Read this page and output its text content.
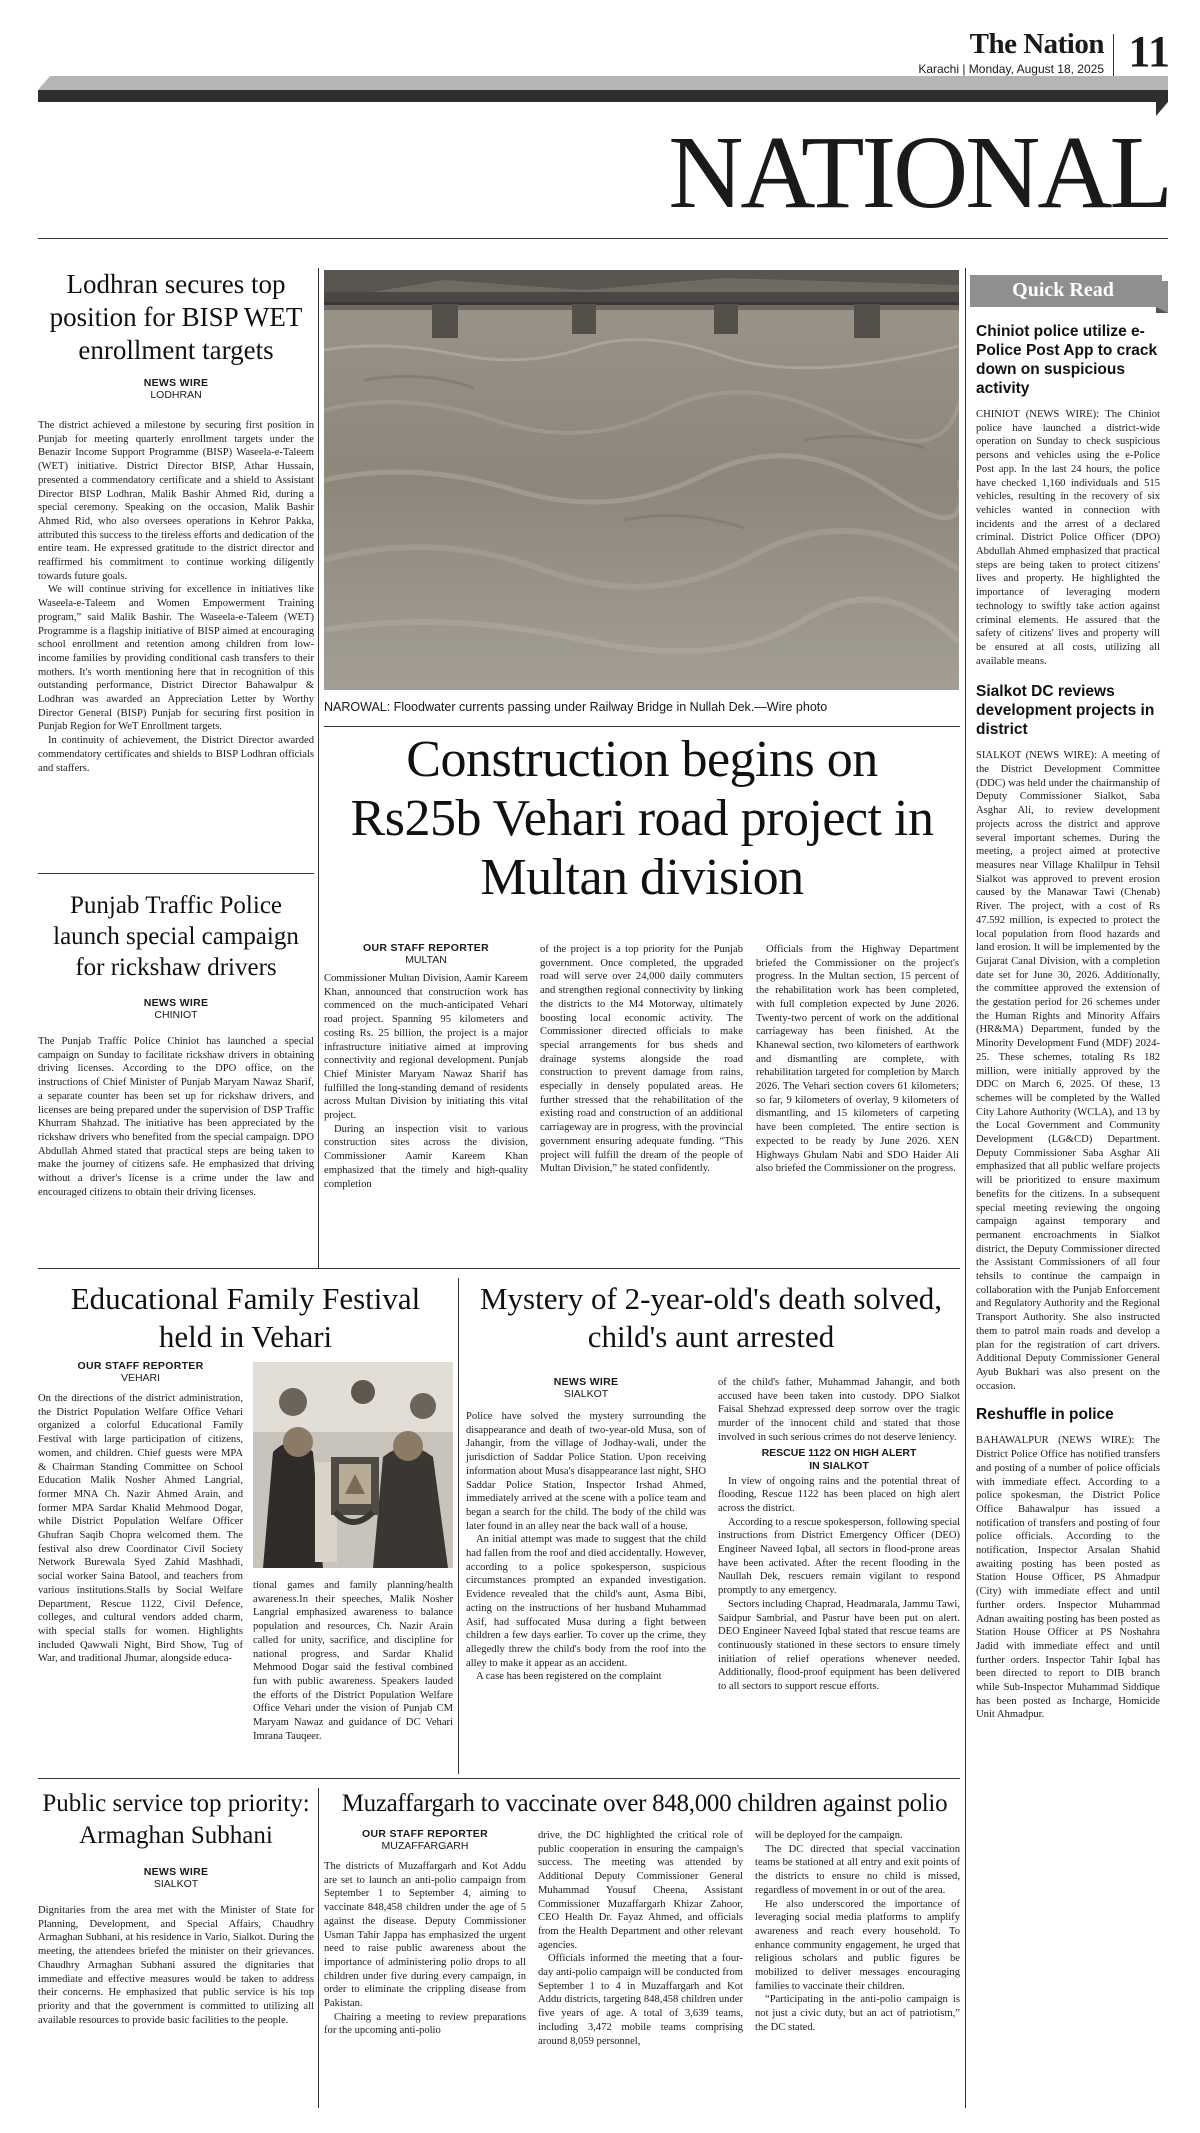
The Nation
Karachi | Monday, August 18, 2025 11
NATIONAL
Lodhran secures top position for BISP WET enrollment targets
NEWS WIRE
LODHRAN

The district achieved a milestone by securing first position in Punjab for meeting quarterly enrollment targets under the Benazir Income Support Programme (BISP) Waseela-e-Taleem (WET) initiative. District Director BISP, Athar Hussain, presented a commendatory certificate and a shield to Assistant Director BISP Lodhran, Malik Bashir Ahmed Rid, during a special ceremony. Speaking on the occasion, Malik Bashir Ahmed Rid, who also oversees operations in Kehror Pakka, attributed this success to the tireless efforts and dedication of the entire team. He expressed gratitude to the district director and reaffirmed his commitment to continue working diligently towards future goals.

We will continue striving for excellence in initiatives like Waseela-e-Taleem and Women Empowerment Training program,” said Malik Bashir. The Waseela-e-Taleem (WET) Programme is a flagship initiative of BISP aimed at encouraging school enrollment and retention among children from low-income families by providing conditional cash transfers to their mothers. It's worth mentioning here that in recognition of this outstanding performance, District Director Bahawalpur & Lodhran was awarded an Appreciation Letter by Worthy Director General (BISP) Punjab for securing first position in Punjab Region for WeT Enrollment targets.

In continuity of achievement, the District Director awarded commendatory certificates and shields to BISP Lodhran officials and staffers.

Punjab Traffic Police launch special campaign for rickshaw drivers
NEWS WIRE
CHINIOT

The Punjab Traffic Police Chiniot has launched a special campaign on Sunday to facilitate rickshaw drivers in obtaining driving licenses. According to the DPO office, on the instructions of Chief Minister of Punjab Maryam Nawaz Sharif, a separate counter has been set up for rickshaw drivers, and licenses are being prepared under the supervision of DSP Traffic Khurram Shahzad. The initiative has been appreciated by the rickshaw drivers who benefited from the special campaign. DPO Abdullah Ahmed stated that practical steps are being taken to make the journey of citizens safe. He emphasized that driving without a driver's license is a crime under the law and encouraged citizens to obtain their driving licenses.

NAROWAL: Floodwater currents passing under Railway Bridge in Nullah Dek.—Wire photo
Construction begins on Rs25b Vehari road project in Multan division
OUR STAFF REPORTER
MULTAN

Commissioner Multan Division, Aamir Kareem Khan, announced that construction work has commenced on the much-anticipated Vehari road project. Spanning 95 kilometers and costing Rs. 25 billion, the project is a major infrastructure initiative aimed at improving connectivity and regional development. Punjab Chief Minister Maryam Nawaz Sharif has fulfilled the long-standing demand of residents across Multan Division by initiating this vital project.

During an inspection visit to various construction sites across the division, Commissioner Aamir Kareem Khan emphasized that the timely and high-quality completion

of the project is a top priority for the Punjab government. Once completed, the upgraded road will serve over 24,000 daily commuters and strengthen regional connectivity by linking the districts to the M4 Motorway, ultimately boosting local economic activity. The Commissioner directed officials to make special arrangements for bus sheds and drainage systems alongside the road construction to prevent damage from rains, especially in densely populated areas. He further stressed that the rehabilitation of the existing road and construction of an additional carriageway are in progress, with the provincial government ensuring adequate funding. “This project will fulfill the dream of the people of Multan Division,” he stated confidently.

Officials from the Highway Department briefed the Commissioner on the project's progress. In the Multan section, 15 percent of the rehabilitation work has been completed, with full completion expected by June 2026. Twenty-two percent of work on the additional carriageway has been finished. At the Khanewal section, two kilometers of earthwork and dismantling are complete, with rehabilitation targeted for completion by March 2026. The Vehari section covers 61 kilometers; so far, 9 kilometers of overlay, 9 kilometers of dismantling, and 15 kilometers of carpeting have been completed. The entire section is expected to be ready by June 2026. XEN Highways Ghulam Nabi and SDO Haider Ali also briefed the Commissioner on the progress.

Educational Family Festival held in Vehari
OUR STAFF REPORTER
VEHARI

On the directions of the district administration, the District Population Welfare Office Vehari organized a colorful Educational Family Festival with large participation of citizens, women, and children. Chief guests were MPA & Chairman Standing Committee on School Education Malik Nosher Ahmed Langrial, former MNA Ch. Nazir Ahmed Arain, and former MPA Sardar Khalid Mehmood Dogar, while District Population Welfare Officer Ghufran Saqib Chopra welcomed them. The festival also drew Coordinator Civil Society Network Burewala Syed Zahid Mashhadi, social worker Saina Batool, and teachers from various institutions.Stalls by Social Welfare Department, Rescue 1122, Civil Defence, colleges, and cultural vendors added charm, with special stalls for women. Highlights included Qawwali Night, Bird Show, Tug of War, and traditional Jhumar, alongside educa-

tional games and family planning/health awareness.In their speeches, Malik Nosher Langrial emphasized awareness to balance population and resources, Ch. Nazir Arain called for unity, sacrifice, and discipline for national progress, and Sardar Khalid Mehmood Dogar said the festival combined fun with public awareness. Speakers lauded the efforts of the District Population Welfare Office Vehari under the vision of Punjab CM Maryam Nawaz and guidance of DC Vehari Imrana Tauqeer.

Mystery of 2-year-old's death solved, child's aunt arrested
NEWS WIRE
SIALKOT

Police have solved the mystery surrounding the disappearance and death of two-year-old Musa, son of Jahangir, from the village of Jodhay-wali, under the jurisdiction of Saddar Police Station. Upon receiving information about Musa's disappearance last night, SHO Saddar Police Station, Inspector Irshad Ahmed, immediately arrived at the scene with a police team and began a search for the child. The body of the child was later found in an alley near the back wall of a house.

An initial attempt was made to suggest that the child had fallen from the roof and died accidentally. However, according to a police spokesperson, suspicious circumstances prompted an expanded investigation. Evidence revealed that the child's aunt, Asma Bibi, acting on the instructions of her husband Muhammad Asif, had suffocated Musa during a fight between children a few days earlier. To cover up the crime, they allegedly threw the child's body from the roof into the alley to make it appear as an accident.

A case has been registered on the complaint

of the child's father, Muhammad Jahangir, and both accused have been taken into custody. DPO Sialkot Faisal Shehzad expressed deep sorrow over the tragic murder of the innocent child and stated that those involved in such serious crimes do not deserve leniency.

RESCUE 1122 ON HIGH ALERT IN SIALKOT

In view of ongoing rains and the potential threat of flooding, Rescue 1122 has been placed on high alert across the district.

According to a rescue spokesperson, following special instructions from District Emergency Officer (DEO) Engineer Naveed Iqbal, all sectors in flood-prone areas have been activated. After the recent flooding in the Naullah Dek, rescuers remain vigilant to respond promptly to any emergency.

Sectors including Chaprad, Headmarala, Jammu Tawi, Saidpur Sambrial, and Pasrur have been put on alert. DEO Engineer Naveed Iqbal stated that rescue teams are continuously stationed in these sectors to ensure timely initiation of relief operations whenever needed. Additionally, flood-proof equipment has been delivered to all sectors to support rescue efforts.

Public service top priority: Armaghan Subhani
NEWS WIRE
SIALKOT

Dignitaries from the area met with the Minister of State for Planning, Development, and Special Affairs, Chaudhry Armaghan Subhani, at his residence in Vario, Sialkot. During the meeting, the attendees briefed the minister on their grievances. Chaudhry Armaghan Subhani assured the dignitaries that immediate and effective measures would be taken to address their concerns. He emphasized that public service is his top priority and that the government is committed to utilizing all available resources to provide basic facilities to the people.

Muzaffargarh to vaccinate over 848,000 children against polio
OUR STAFF REPORTER
MUZAFFARGARH

The districts of Muzaffargarh and Kot Addu are set to launch an anti-polio campaign from September 1 to September 4, aiming to vaccinate 848,458 children under the age of 5 against the disease. Deputy Commissioner Usman Tahir Jappa has emphasized the urgent need to raise public awareness about the importance of administering polio drops to all children under five during every campaign, in order to eliminate the crippling disease from Pakistan.

Chairing a meeting to review preparations for the upcoming anti-polio

drive, the DC highlighted the critical role of public cooperation in ensuring the campaign's success. The meeting was attended by Additional Deputy Commissioner General Muhammad Yousuf Cheena, Assistant Commissioner Muzaffargarh Khizar Zahoor, CEO Health Dr. Fayaz Ahmed, and officials from the Health Department and other relevant agencies.

Officials informed the meeting that a four-day anti-polio campaign will be conducted from September 1 to 4 in Muzaffargarh and Kot Addu districts, targeting 848,458 children under five years of age. A total of 3,639 teams, including 3,472 mobile teams comprising around 8,059 personnel,

will be deployed for the campaign.

The DC directed that special vaccination teams be stationed at all entry and exit points of the districts to ensure no child is missed, regardless of movement in or out of the area.

He also underscored the importance of leveraging social media platforms to amplify awareness and reach every household. To enhance community engagement, he urged that religious scholars and public figures be mobilized to deliver messages encouraging families to vaccinate their children.

“Participating in the anti-polio campaign is not just a civic duty, but an act of patriotism,” the DC stated.

Quick Read
Chiniot police utilize e-Police Post App to crack down on suspicious activity

CHINIOT (NEWS WIRE): The Chiniot police have launched a district-wide operation on Sunday to check suspicious persons and vehicles using the e-Police Post app. In the last 24 hours, the police have checked 1,160 individuals and 515 vehicles, resulting in the recovery of six vehicles wanted in connection with incidents and the arrest of a declared criminal. District Police Officer (DPO) Abdullah Ahmed emphasized that practical steps are being taken to protect citizens' lives and property. He highlighted the importance of leveraging modern technology to swiftly take action against criminal elements. He assured that the safety of citizens' lives and property will be ensured at all costs, utilizing all available means.

Sialkot DC reviews development projects in district

SIALKOT (NEWS WIRE): A meeting of the District Development Committee (DDC) was held under the chairmanship of Deputy Commissioner Sialkot, Saba Asghar Ali, to review development projects across the district and approve several important schemes. During the meeting, a project aimed at protective measures near Village Khalilpur in Tehsil Sialkot was approved to prevent erosion caused by the Manawar Tawi (Chenab) River. The project, with a cost of Rs 47.592 million, is expected to protect the local population from flood hazards and land erosion. It will be implemented by the Gujarat Canal Division, with a completion date set for June 30, 2026. Additionally, the committee approved the extension of the gestation period for 26 schemes under the Human Rights and Minority Affairs (HR&MA) Department, funded by the Minority Development Fund (MDF) 2024-25. These schemes, totaling Rs 182 million, were initially approved by the DDC on March 6, 2025. Of these, 13 schemes will be completed by the Walled City Lahore Authority (WCLA), and 13 by the Local Government and Community Development (LG&CD) Department. Deputy Commissioner Saba Asghar Ali emphasized that all public welfare projects will be prioritized to ensure maximum benefits for the citizens. In a subsequent special meeting reviewing the ongoing campaign against temporary and permanent encroachments in Sialkot district, the Deputy Commissioner directed the Assistant Commissioners of all four tehsils to continue the campaign in collaboration with the Punjab Enforcement and Regulatory Authority and the Regional Transport Authority. She also instructed them to patrol main roads and develop a plan for the registration of cart drivers. Additional Deputy Commissioner General Ayub Bukhari was also present on the occasion.

Reshuffle in police

BAHAWALPUR (NEWS WIRE): The District Police Office has notified transfers and posting of a number of police officials with immediate effect. According to a police spokesman, the District Police Office Bahawalpur has issued a notification of transfers and posting of four police officials. According to the notification, Inspector Arsalan Shahid awaiting posting has been posted as Station House Officer, PS Ahmadpur (City) with immediate effect and until further orders. Inspector Muhammad Adnan awaiting posting has been posted as Station House Officer at PS Noshahra Jadid with immediate effect and until further orders. Inspector Tahir Iqbal has been directed to report to DIB branch while Sub-Inspector Muhammad Siddique has been posted as Incharge, Homicide Unit Ahmadpur.
